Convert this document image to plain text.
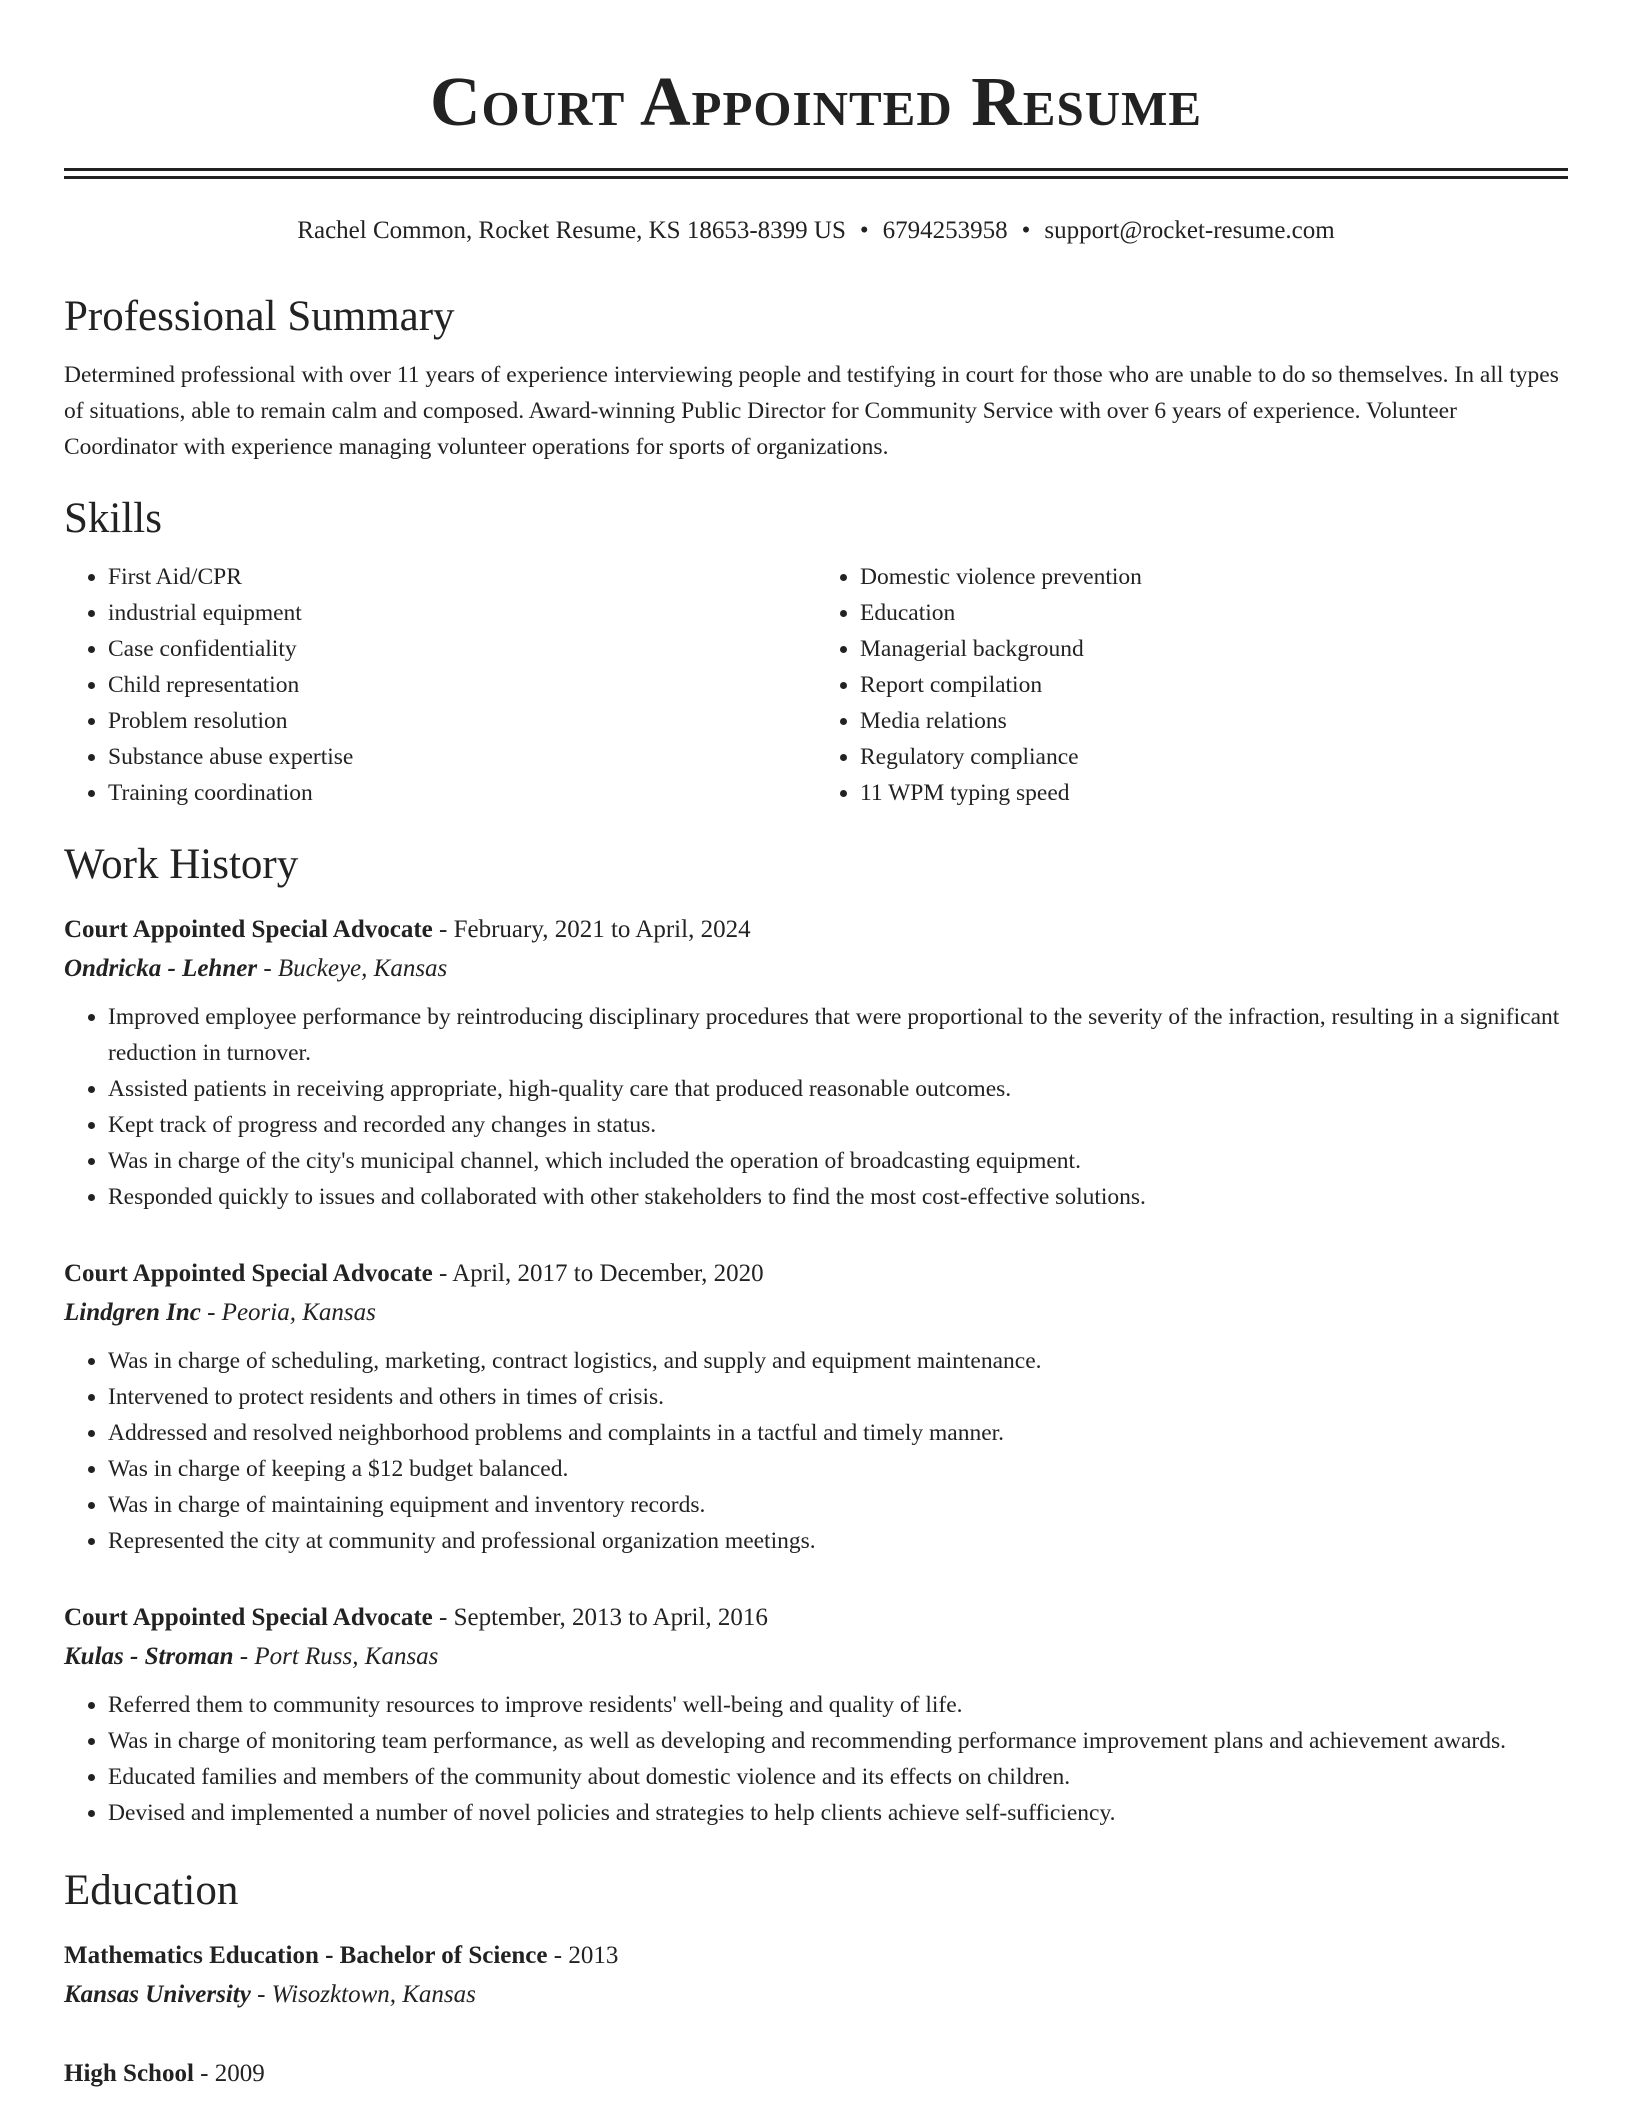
Court Appointed Resume
Rachel Common, Rocket Resume, KS 18653-8399 US • 6794253958 • support@rocket-resume.com
Professional Summary

Determined professional with over 11 years of experience interviewing people and testifying in court for those who are unable to do so themselves. In all types of situations, able to remain calm and composed. Award-winning Public Director for Community Service with over 6 years of experience. Volunteer Coordinator with experience managing volunteer operations for sports of organizations.

Skills
• First Aid/CPR
• industrial equipment
• Case confidentiality
• Child representation
• Problem resolution
• Substance abuse expertise
• Training coordination
• Domestic violence prevention
• Education
• Managerial background
• Report compilation
• Media relations
• Regulatory compliance
• 11 WPM typing speed
Work History
Court Appointed Special Advocate - February, 2021 to April, 2024
Ondricka - Lehner - Buckeye, Kansas
• Improved employee performance by reintroducing disciplinary procedures that were proportional to the severity of the infraction, resulting in a significant reduction in turnover.
• Assisted patients in receiving appropriate, high-quality care that produced reasonable outcomes.
• Kept track of progress and recorded any changes in status.
• Was in charge of the city's municipal channel, which included the operation of broadcasting equipment.
• Responded quickly to issues and collaborated with other stakeholders to find the most cost-effective solutions.
Court Appointed Special Advocate - April, 2017 to December, 2020
Lindgren Inc - Peoria, Kansas
• Was in charge of scheduling, marketing, contract logistics, and supply and equipment maintenance.
• Intervened to protect residents and others in times of crisis.
• Addressed and resolved neighborhood problems and complaints in a tactful and timely manner.
• Was in charge of keeping a $12 budget balanced.
• Was in charge of maintaining equipment and inventory records.
• Represented the city at community and professional organization meetings.
Court Appointed Special Advocate - September, 2013 to April, 2016
Kulas - Stroman - Port Russ, Kansas
• Referred them to community resources to improve residents' well-being and quality of life.
• Was in charge of monitoring team performance, as well as developing and recommending performance improvement plans and achievement awards.
• Educated families and members of the community about domestic violence and its effects on children.
• Devised and implemented a number of novel policies and strategies to help clients achieve self-sufficiency.
Education
Mathematics Education - Bachelor of Science - 2013
Kansas University - Wisozktown, Kansas
High School - 2009
